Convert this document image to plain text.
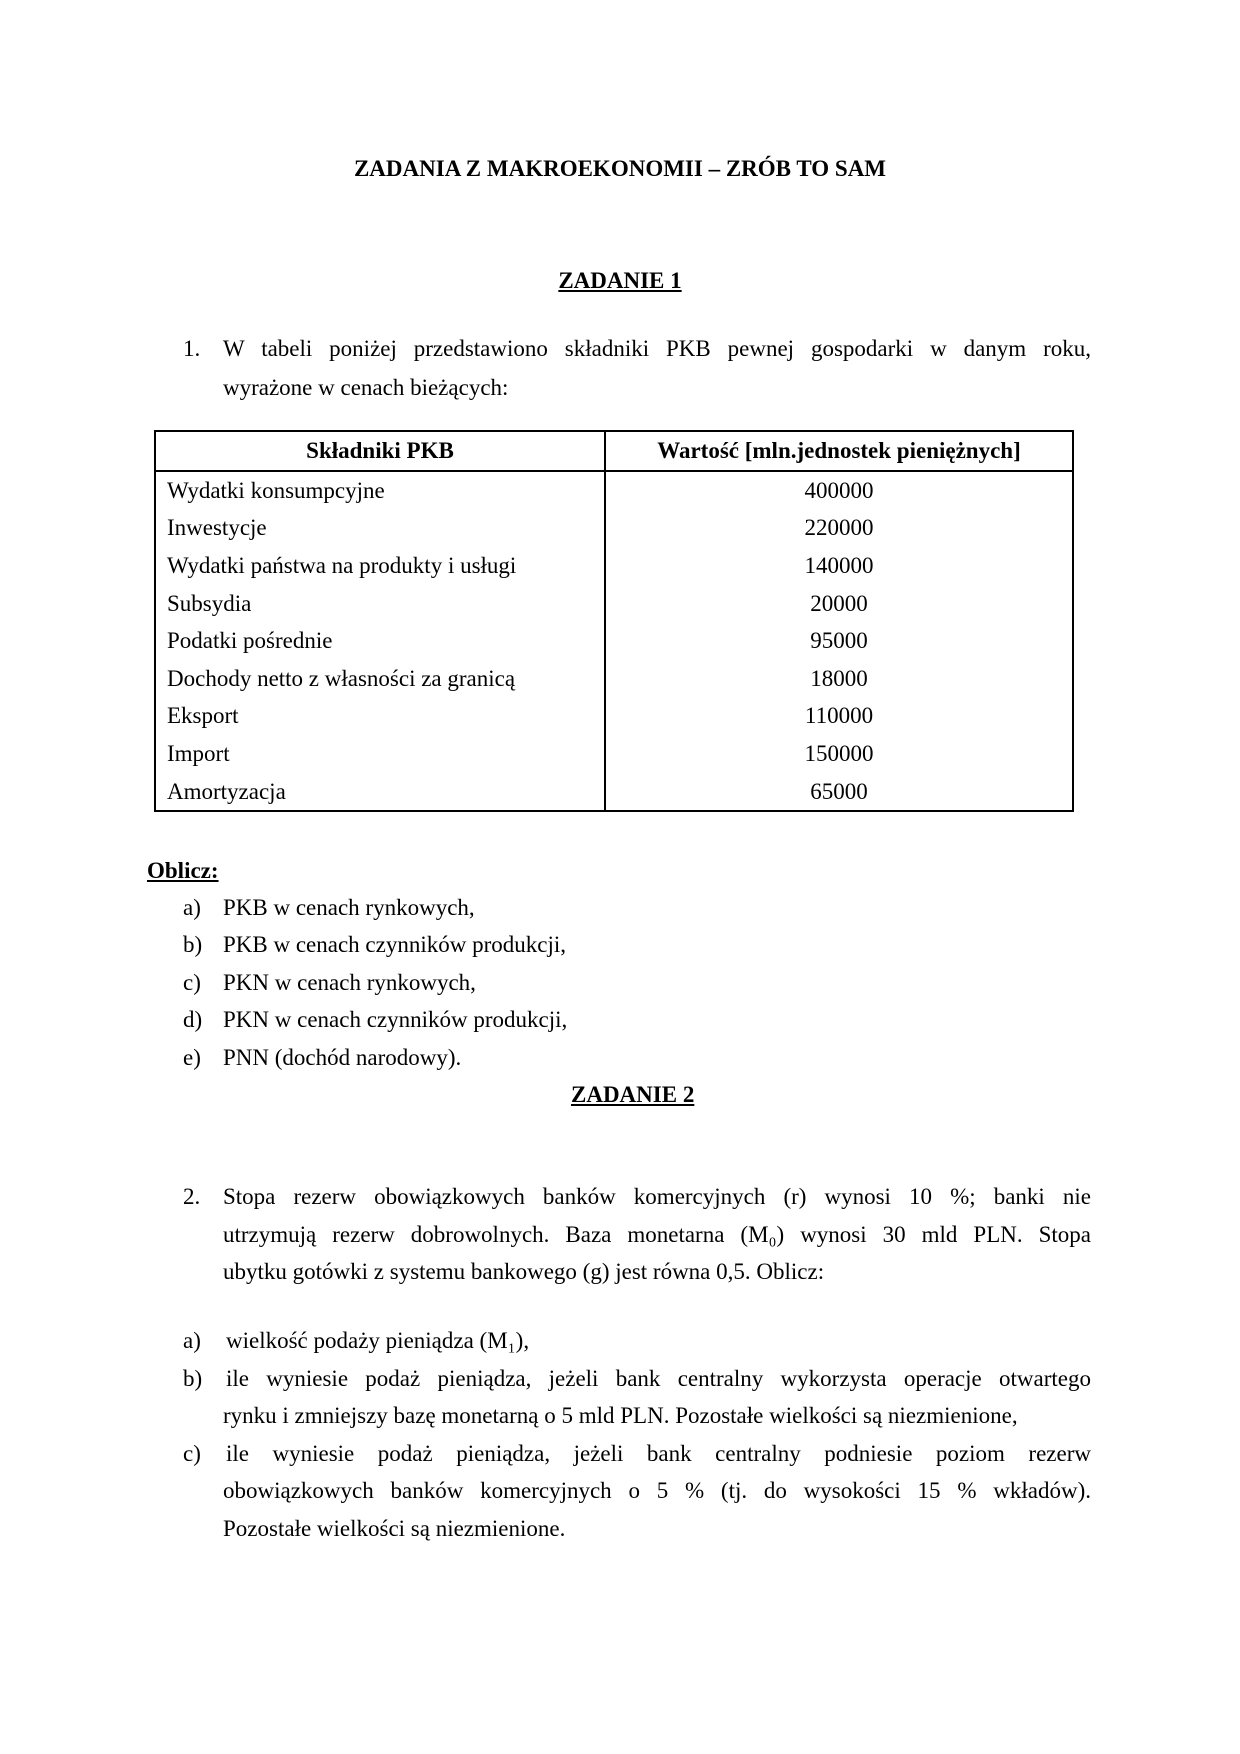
ZADANIA Z MAKROEKONOMII – ZRÓB TO SAM
ZADANIE 1
1. W tabeli poniżej przedstawiono składniki PKB pewnej gospodarki w danym roku,
wyrażone w cenach bieżących:
Składniki PKB	Wartość [mln.jednostek pieniężnych]
Wydatki konsumpcyjne	400000
Inwestycje	220000
Wydatki państwa na produkty i usługi	140000
Subsydia	20000
Podatki pośrednie	95000
Dochody netto z własności za granicą	18000
Eksport	110000
Import	150000
Amortyzacja	65000
Oblicz:
a) PKB w cenach rynkowych,
b) PKB w cenach czynników produkcji,
c) PKN w cenach rynkowych,
d) PKN w cenach czynników produkcji,
e) PNN (dochód narodowy).
ZADANIE 2
2. Stopa rezerw obowiązkowych banków komercyjnych (r) wynosi 10 %; banki nie
utrzymują rezerw dobrowolnych. Baza monetarna (M₀) wynosi 30 mld PLN. Stopa
ubytku gotówki z systemu bankowego (g) jest równa 0,5. Oblicz:
a) wielkość podaży pieniądza (M₁),
b) ile wyniesie podaż pieniądza, jeżeli bank centralny wykorzysta operacje otwartego
rynku i zmniejszy bazę monetarną o 5 mld PLN. Pozostałe wielkości są niezmienione,
c) ile wyniesie podaż pieniądza, jeżeli bank centralny podniesie poziom rezerw
obowiązkowych banków komercyjnych o 5 % (tj. do wysokości 15 % wkładów).
Pozostałe wielkości są niezmienione.
